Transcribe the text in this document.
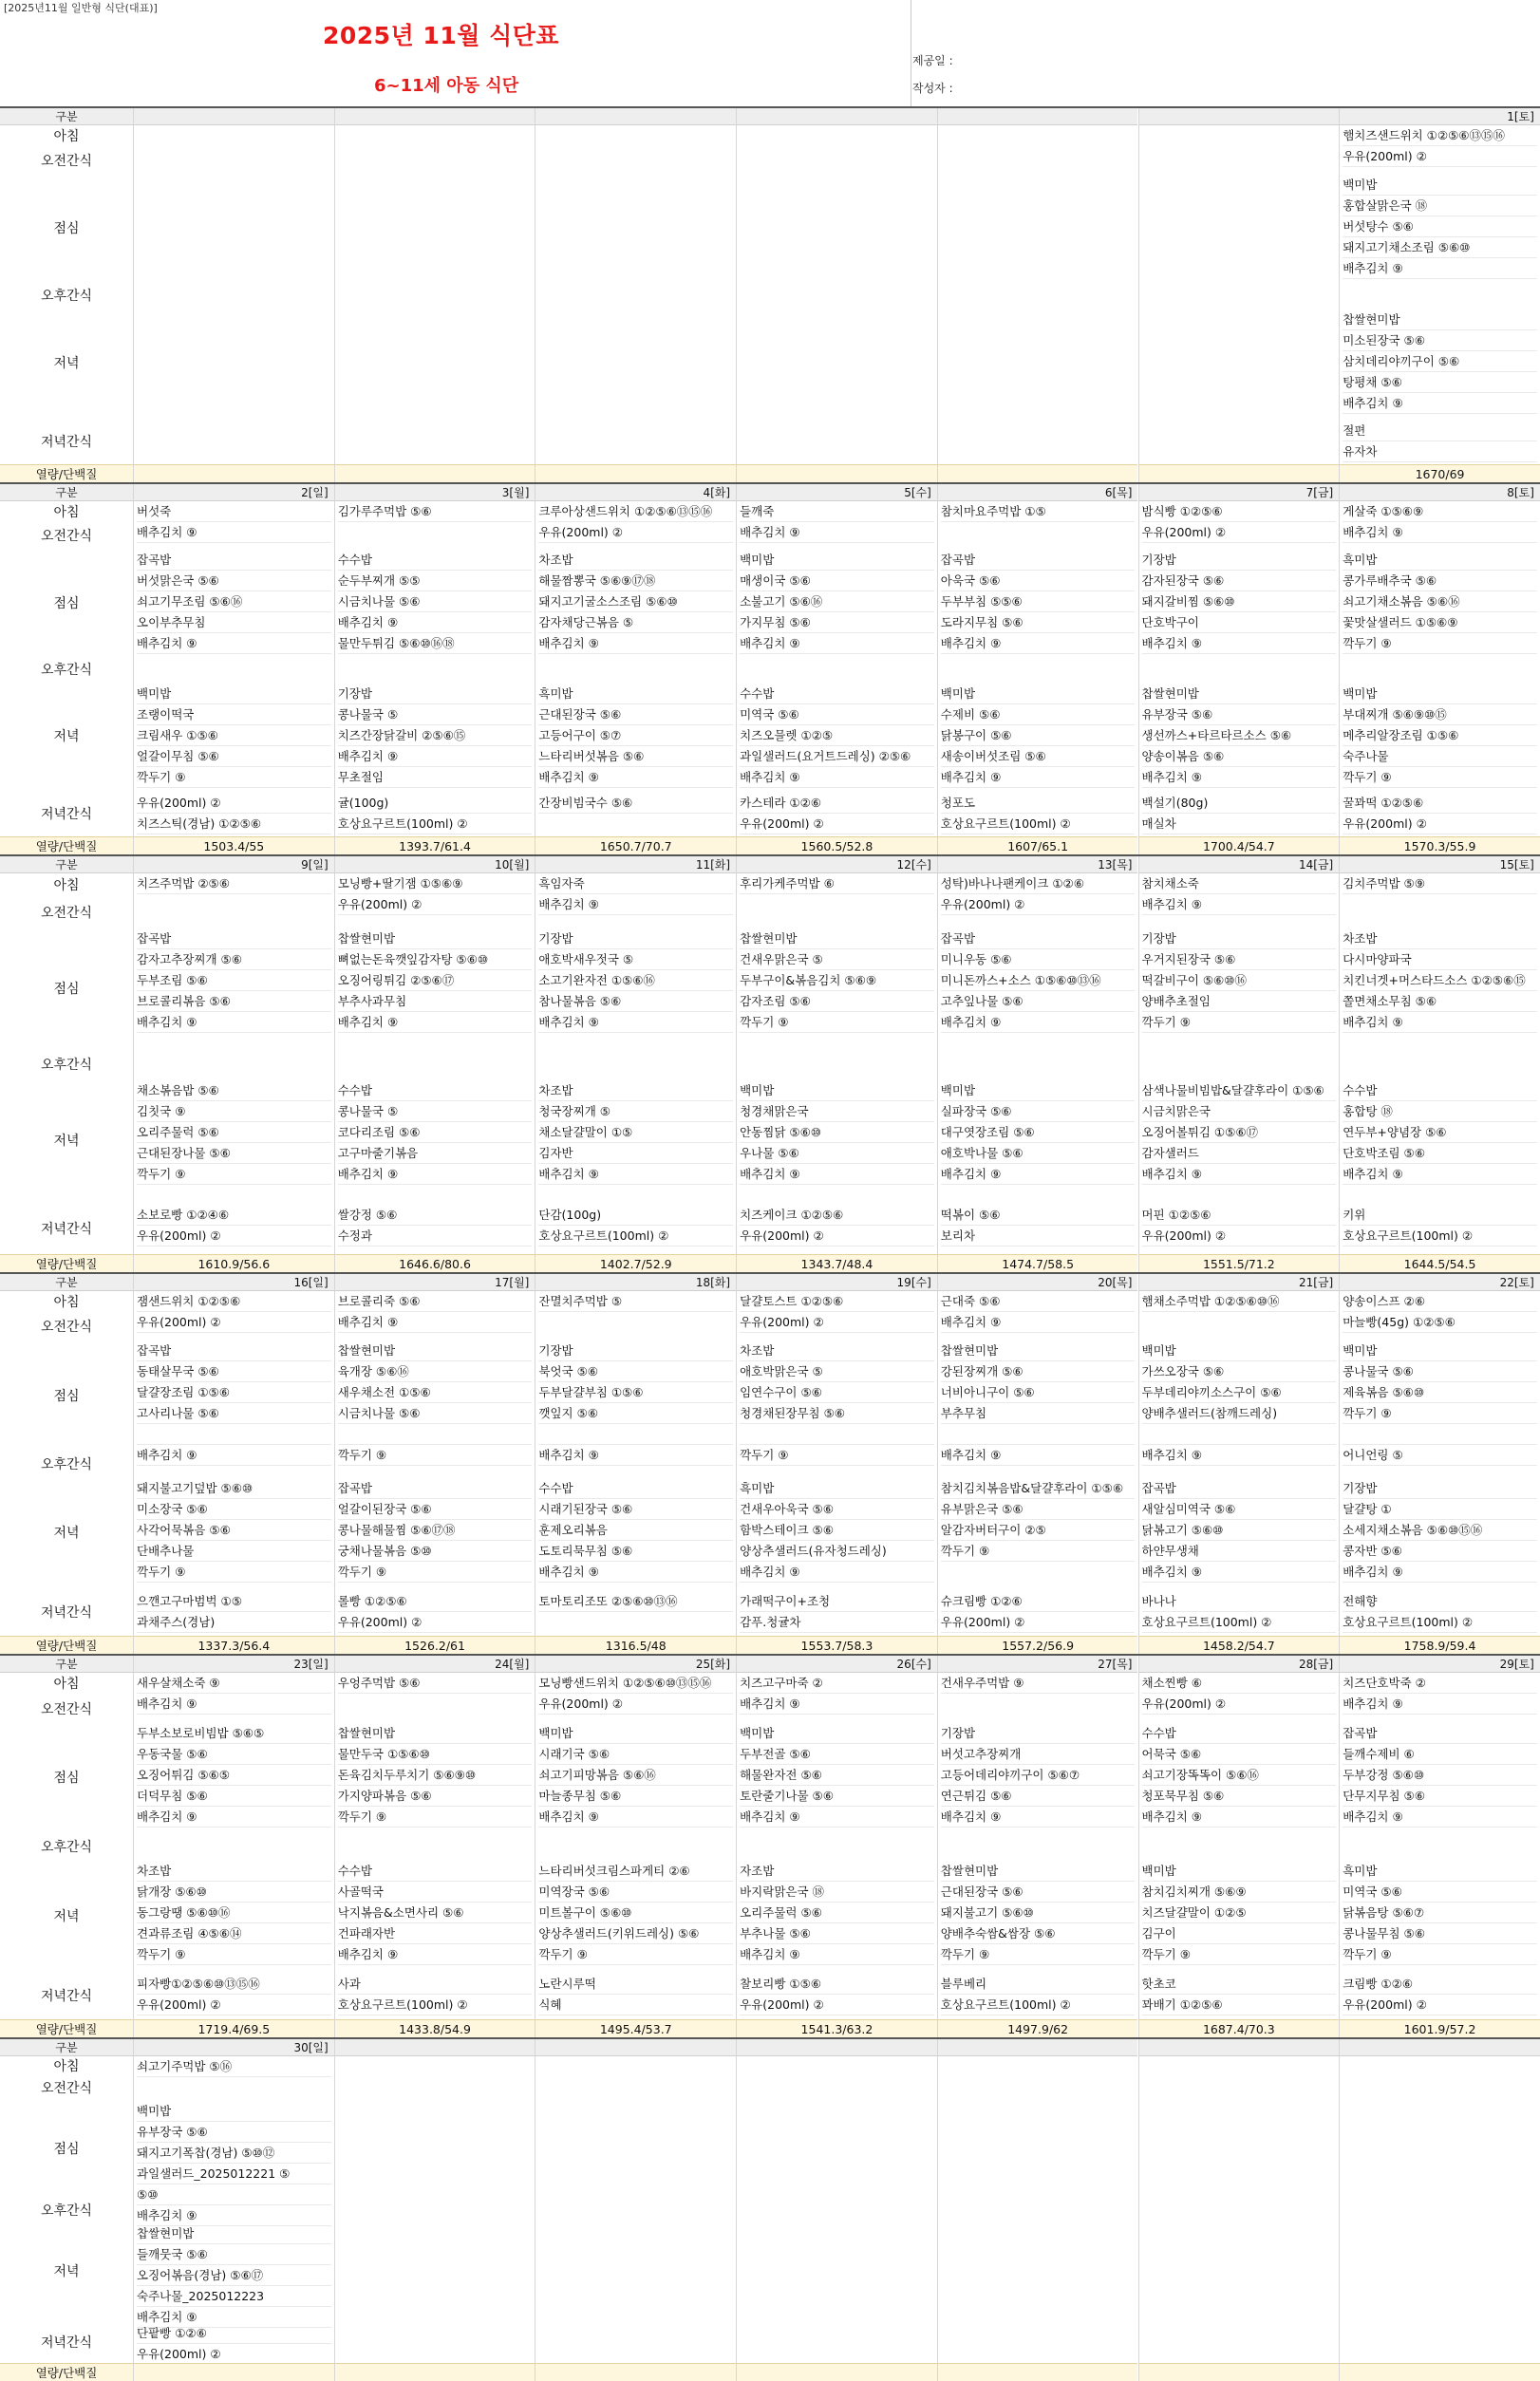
[2025년11월 일반형 식단(대표)]
2025년 11월 식단표
6~11세 아동 식단
제공일 :
작성자 :
구분
아침
오전간식
점심
오후간식
저녁
저녁간식
열량/단백질
1[토]
햄치즈샌드위치 ①②⑤⑥⑬⑮⑯
우유(200ml) ②
백미밥
홍합살맑은국 ⑱
버섯탕수 ⑤⑥
돼지고기채소조림 ⑤⑥⑩
배추김치 ⑨
찹쌀현미밥
미소된장국 ⑤⑥
삼치데리야끼구이 ⑤⑥
탕평채 ⑤⑥
배추김치 ⑨
절편
유자차
1670/69
구분
아침
오전간식
점심
오후간식
저녁
저녁간식
열량/단백질
2[일]
버섯죽
배추김치 ⑨
잡곡밥
버섯맑은국 ⑤⑥
쇠고기무조림 ⑤⑥⑯
오이부추무침
배추김치 ⑨
백미밥
조랭이떡국
크림새우 ①⑤⑥
얼갈이무침 ⑤⑥
깍두기 ⑨
우유(200ml) ②
치즈스틱(경남) ①②⑤⑥
1503.4/55
3[월]
김가루주먹밥 ⑤⑥
수수밥
순두부찌개 ⑤⑤
시금치나물 ⑤⑥
배추김치 ⑨
물만두튀김 ⑤⑥⑩⑯⑱
기장밥
콩나물국 ⑤
치즈간장닭갈비 ②⑤⑥⑮
배추김치 ⑨
무초절임
귤(100g)
호상요구르트(100ml) ②
1393.7/61.4
4[화]
크루아상샌드위치 ①②⑤⑥⑬⑮⑯
우유(200ml) ②
차조밥
해물짬뽕국 ⑤⑥⑨⑰⑱
돼지고기굴소스조림 ⑤⑥⑩
감자채당근볶음 ⑤
배추김치 ⑨
흑미밥
근대된장국 ⑤⑥
고등어구이 ⑤⑦
느타리버섯볶음 ⑤⑥
배추김치 ⑨
간장비빔국수 ⑤⑥
1650.7/70.7
5[수]
들깨죽
배추김치 ⑨
백미밥
매생이국 ⑤⑥
소불고기 ⑤⑥⑯
가지무침 ⑤⑥
배추김치 ⑨
수수밥
미역국 ⑤⑥
치즈오믈렛 ①②⑤
과일샐러드(요거트드레싱) ②⑤⑥
배추김치 ⑨
카스테라 ①②⑥
우유(200ml) ②
1560.5/52.8
6[목]
참치마요주먹밥 ①⑤
잡곡밥
아욱국 ⑤⑥
두부부침 ⑤⑤⑥
도라지무침 ⑤⑥
배추김치 ⑨
백미밥
수제비 ⑤⑥
닭봉구이 ⑤⑥
새송이버섯조림 ⑤⑥
배추김치 ⑨
청포도
호상요구르트(100ml) ②
1607/65.1
7[금]
밤식빵 ①②⑤⑥
우유(200ml) ②
기장밥
감자된장국 ⑤⑥
돼지갈비찜 ⑤⑥⑩
단호박구이
배추김치 ⑨
찹쌀현미밥
유부장국 ⑤⑥
생선까스+타르타르소스 ⑤⑥
양송이볶음 ⑤⑥
배추김치 ⑨
백설기(80g)
매실차
1700.4/54.7
8[토]
게살죽 ①⑤⑥⑨
배추김치 ⑨
흑미밥
콩가루배추국 ⑤⑥
쇠고기채소볶음 ⑤⑥⑯
꽃맛살샐러드 ①⑤⑥⑨
깍두기 ⑨
백미밥
부대찌개 ⑤⑥⑨⑩⑮
메추리알장조림 ①⑤⑥
숙주나물
깍두기 ⑨
꿀꽈떡 ①②⑤⑥
우유(200ml) ②
1570.3/55.9
구분
아침
오전간식
점심
오후간식
저녁
저녁간식
열량/단백질
9[일]
치즈주먹밥 ②⑤⑥
잡곡밥
감자고추장찌개 ⑤⑥
두부조림 ⑤⑥
브로콜리볶음 ⑤⑥
배추김치 ⑨
채소볶음밥 ⑤⑥
김칫국 ⑨
오리주물럭 ⑤⑥
근대된장나물 ⑤⑥
깍두기 ⑨
소보로빵 ①②④⑥
우유(200ml) ②
1610.9/56.6
10[월]
모닝빵+딸기잼 ①⑤⑥⑨
우유(200ml) ②
찹쌀현미밥
뼈없는돈육깻잎감자탕 ⑤⑥⑩
오징어링튀김 ②⑤⑥⑰
부추사과무침
배추김치 ⑨
수수밥
콩나물국 ⑤
코다리조림 ⑤⑥
고구마줄기볶음
배추김치 ⑨
쌀강정 ⑤⑥
수정과
1646.6/80.6
11[화]
흑임자죽
배추김치 ⑨
기장밥
애호박새우젓국 ⑤
소고기완자전 ①⑤⑥⑯
참나물볶음 ⑤⑥
배추김치 ⑨
차조밥
청국장찌개 ⑤
채소달걀말이 ①⑤
김자반
배추김치 ⑨
단감(100g)
호상요구르트(100ml) ②
1402.7/52.9
12[수]
후리가케주먹밥 ⑥
찹쌀현미밥
건새우맑은국 ⑤
두부구이&볶음김치 ⑤⑥⑨
감자조림 ⑤⑥
깍두기 ⑨
백미밥
청경채맑은국
안동찜닭 ⑤⑥⑩
우나물 ⑤⑥
배추김치 ⑨
치즈케이크 ①②⑤⑥
우유(200ml) ②
1343.7/48.4
13[목]
성탁)바나나팬케이크 ①②⑥
우유(200ml) ②
잡곡밥
미니우동 ⑤⑥
미니돈까스+소스 ①⑤⑥⑩⑬⑯
고추잎나물 ⑤⑥
배추김치 ⑨
백미밥
실파장국 ⑤⑥
대구엿장조림 ⑤⑥
애호박나물 ⑤⑥
배추김치 ⑨
떡볶이 ⑤⑥
보리차
1474.7/58.5
14[금]
참치채소죽
배추김치 ⑨
기장밥
우거지된장국 ⑤⑥
떡갈비구이 ⑤⑥⑩⑯
양배추초절임
깍두기 ⑨
삼색나물비빔밥&달걀후라이 ①⑤⑥
시금치맑은국
오징어볼튀김 ①⑤⑥⑰
감자샐러드
배추김치 ⑨
머핀 ①②⑤⑥
우유(200ml) ②
1551.5/71.2
15[토]
김치주먹밥 ⑤⑨
차조밥
다시마양파국
치킨너겟+머스타드소스 ①②⑤⑥⑮
쫄면채소무침 ⑤⑥
배추김치 ⑨
수수밥
홍합탕 ⑱
연두부+양념장 ⑤⑥
단호박조림 ⑤⑥
배추김치 ⑨
키위
호상요구르트(100ml) ②
1644.5/54.5
구분
아침
오전간식
점심
오후간식
저녁
저녁간식
열량/단백질
16[일]
잼샌드위치 ①②⑤⑥
우유(200ml) ②
잡곡밥
동태살무국 ⑤⑥
달걀장조림 ①⑤⑥
고사리나물 ⑤⑥
배추김치 ⑨
돼지불고기덮밥 ⑤⑥⑩
미소장국 ⑤⑥
사각어묵볶음 ⑤⑥
단배추나물
깍두기 ⑨
으깬고구마범벅 ①⑤
과채주스(경남)
1337.3/56.4
17[월]
브로콜리죽 ⑤⑥
배추김치 ⑨
찹쌀현미밥
육개장 ⑤⑥⑯
새우채소전 ①⑤⑥
시금치나물 ⑤⑥
깍두기 ⑨
잡곡밥
얼갈이된장국 ⑤⑥
콩나물해물찜 ⑤⑥⑰⑱
궁채나물볶음 ⑤⑩
깍두기 ⑨
롤빵 ①②⑤⑥
우유(200ml) ②
1526.2/61
18[화]
잔멸치주먹밥 ⑤
기장밥
북엇국 ⑤⑥
두부달걀부침 ①⑤⑥
깻잎지 ⑤⑥
배추김치 ⑨
수수밥
시래기된장국 ⑤⑥
훈제오리볶음
도토리묵무침 ⑤⑥
배추김치 ⑨
토마토리조또 ②⑤⑥⑩⑬⑯
1316.5/48
19[수]
달걀토스트 ①②⑤⑥
우유(200ml) ②
차조밥
애호박맑은국 ⑤
임연수구이 ⑤⑥
청경채된장무침 ⑤⑥
깍두기 ⑨
흑미밥
건새우아욱국 ⑤⑥
함박스테이크 ⑤⑥
양상추샐러드(유자청드레싱)
배추김치 ⑨
가래떡구이+조청
감푸.청귤차
1553.7/58.3
20[목]
근대죽 ⑤⑥
배추김치 ⑨
찹쌀현미밥
강된장찌개 ⑤⑥
너비아니구이 ⑤⑥
부추무침
배추김치 ⑨
참치김치볶음밥&달걀후라이 ①⑤⑥
유부맑은국 ⑤⑥
알감자버터구이 ②⑤
깍두기 ⑨
슈크림빵 ①②⑥
우유(200ml) ②
1557.2/56.9
21[금]
햄채소주먹밥 ①②⑤⑥⑩⑯
백미밥
가쓰오장국 ⑤⑥
두부데리야끼소스구이 ⑤⑥
양배추샐러드(참깨드레싱)
배추김치 ⑨
잡곡밥
새알심미역국 ⑤⑥
닭볶고기 ⑤⑥⑩
하얀무생채
배추김치 ⑨
바나나
호상요구르트(100ml) ②
1458.2/54.7
22[토]
양송이스프 ②⑥
마늘빵(45g) ①②⑤⑥
백미밥
콩나물국 ⑤⑥
제육볶음 ⑤⑥⑩
깍두기 ⑨
어니언링 ⑤
기장밥
달걀탕 ①
소세지채소볶음 ⑤⑥⑩⑮⑯
콩자반 ⑤⑥
배추김치 ⑨
전해향
호상요구르트(100ml) ②
1758.9/59.4
구분
아침
오전간식
점심
오후간식
저녁
저녁간식
열량/단백질
23[일]
새우살채소죽 ⑨
배추김치 ⑨
두부소보로비빔밥 ⑤⑥⑤
우동국물 ⑤⑥
오징어튀김 ⑤⑥⑤
더덕무침 ⑤⑥
배추김치 ⑨
차조밥
닭개장 ⑤⑥⑩
동그랑땡 ⑤⑥⑩⑯
견과류조림 ④⑤⑥⑭
깍두기 ⑨
피자빵①②⑤⑥⑩⑬⑮⑯
우유(200ml) ②
1719.4/69.5
24[월]
우엉주먹밥 ⑤⑥
찹쌀현미밥
물만두국 ①⑤⑥⑩
돈육김치두루치기 ⑤⑥⑨⑩
가지양파볶음 ⑤⑥
깍두기 ⑨
수수밥
사골떡국
낙지볶음&소면사리 ⑤⑥
건파래자반
배추김치 ⑨
사과
호상요구르트(100ml) ②
1433.8/54.9
25[화]
모닝빵샌드위치 ①②⑤⑥⑩⑬⑮⑯
우유(200ml) ②
백미밥
시래기국 ⑤⑥
쇠고기피망볶음 ⑤⑥⑯
마늘종무침 ⑤⑥
배추김치 ⑨
느타리버섯크림스파게티 ②⑥
미역장국 ⑤⑥
미트볼구이 ⑤⑥⑩
양상추샐러드(키위드레싱) ⑤⑥
깍두기 ⑨
노란시루떡
식혜
1495.4/53.7
26[수]
치즈고구마죽 ②
배추김치 ⑨
백미밥
두부전골 ⑤⑥
해물완자전 ⑤⑥
토란줄기나물 ⑤⑥
배추김치 ⑨
자조밥
바지락맑은국 ⑱
오리주물럭 ⑤⑥
부추나물 ⑤⑥
배추김치 ⑨
찰보리빵 ①⑤⑥
우유(200ml) ②
1541.3/63.2
27[목]
건새우주먹밥 ⑨
기장밥
버섯고추장찌개
고등어데리야끼구이 ⑤⑥⑦
연근튀김 ⑤⑥
배추김치 ⑨
찹쌀현미밥
근대된장국 ⑤⑥
돼지불고기 ⑤⑥⑩
양배추숙쌈&쌈장 ⑤⑥
깍두기 ⑨
블루베리
호상요구르트(100ml) ②
1497.9/62
28[금]
채소찐빵 ⑥
우유(200ml) ②
수수밥
어묵국 ⑤⑥
쇠고기장똑똑이 ⑤⑥⑯
청포묵무침 ⑤⑥
배추김치 ⑨
백미밥
참치김치찌개 ⑤⑥⑨
치즈달걀말이 ①②⑤
김구이
깍두기 ⑨
핫초코
꽈배기 ①②⑤⑥
1687.4/70.3
29[토]
치즈단호박죽 ②
배추김치 ⑨
잡곡밥
들깨수제비 ⑥
두부강정 ⑤⑥⑩
단무지무침 ⑤⑥
배추김치 ⑨
흑미밥
미역국 ⑤⑥
닭볶음탕 ⑤⑥⑦
콩나물무침 ⑤⑥
깍두기 ⑨
크림빵 ①②⑥
우유(200ml) ②
1601.9/57.2
구분
아침
오전간식
점심
오후간식
저녁
저녁간식
열량/단백질
30[일]
쇠고기주먹밥 ⑤⑯
백미밥
유부장국 ⑤⑥
돼지고기폭찹(경남) ⑤⑩⑫
과일샐러드_2025012221 ⑤
⑤⑩
배추김치 ⑨
찹쌀현미밥
들깨뭇국 ⑤⑥
오징어볶음(경남) ⑤⑥⑰
숙주나물_2025012223
배추김치 ⑨
단팥빵 ①②⑥
우유(200ml) ②
